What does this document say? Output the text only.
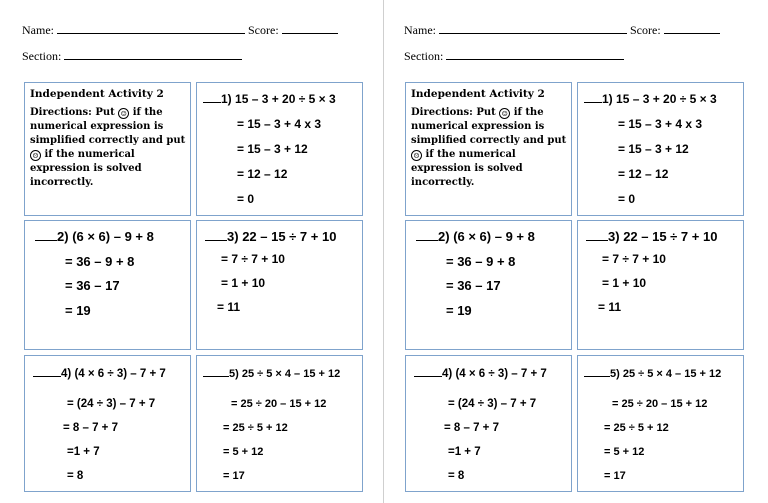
Name:	Score:
Section:
Independent Activity 2
Directions: Put ☺ if the numerical expression is simplified correctly and put ☹ if the numerical expression is solved incorrectly.
1) 15 – 3 + 20 ÷ 5 × 3
= 15 – 3 + 4 x 3
= 15 – 3 + 12
= 12 – 12
= 0
2) (6 × 6) – 9 + 8
= 36 – 9 + 8
= 36 – 17
= 19
3) 22 – 15 ÷ 7 + 10
= 7 ÷ 7 + 10
= 1 + 10
= 11
4) (4 × 6 ÷ 3) – 7 + 7
= (24 ÷ 3) – 7 + 7
= 8 – 7 + 7
=1 + 7
= 8
5) 25 ÷ 5 × 4 – 15 + 12
= 25 ÷ 20 – 15 + 12
= 25 ÷ 5 + 12
= 5 + 12
= 17
Name:	Score:
Section:
Independent Activity 2
Directions: Put ☺ if the numerical expression is simplified correctly and put ☹ if the numerical expression is solved incorrectly.
1) 15 – 3 + 20 ÷ 5 × 3
= 15 – 3 + 4 x 3
= 15 – 3 + 12
= 12 – 12
= 0
2) (6 × 6) – 9 + 8
= 36 – 9 + 8
= 36 – 17
= 19
3) 22 – 15 ÷ 7 + 10
= 7 ÷ 7 + 10
= 1 + 10
= 11
4) (4 × 6 ÷ 3) – 7 + 7
= (24 ÷ 3) – 7 + 7
= 8 – 7 + 7
=1 + 7
= 8
5) 25 ÷ 5 × 4 – 15 + 12
= 25 ÷ 20 – 15 + 12
= 25 ÷ 5 + 12
= 5 + 12
= 17
